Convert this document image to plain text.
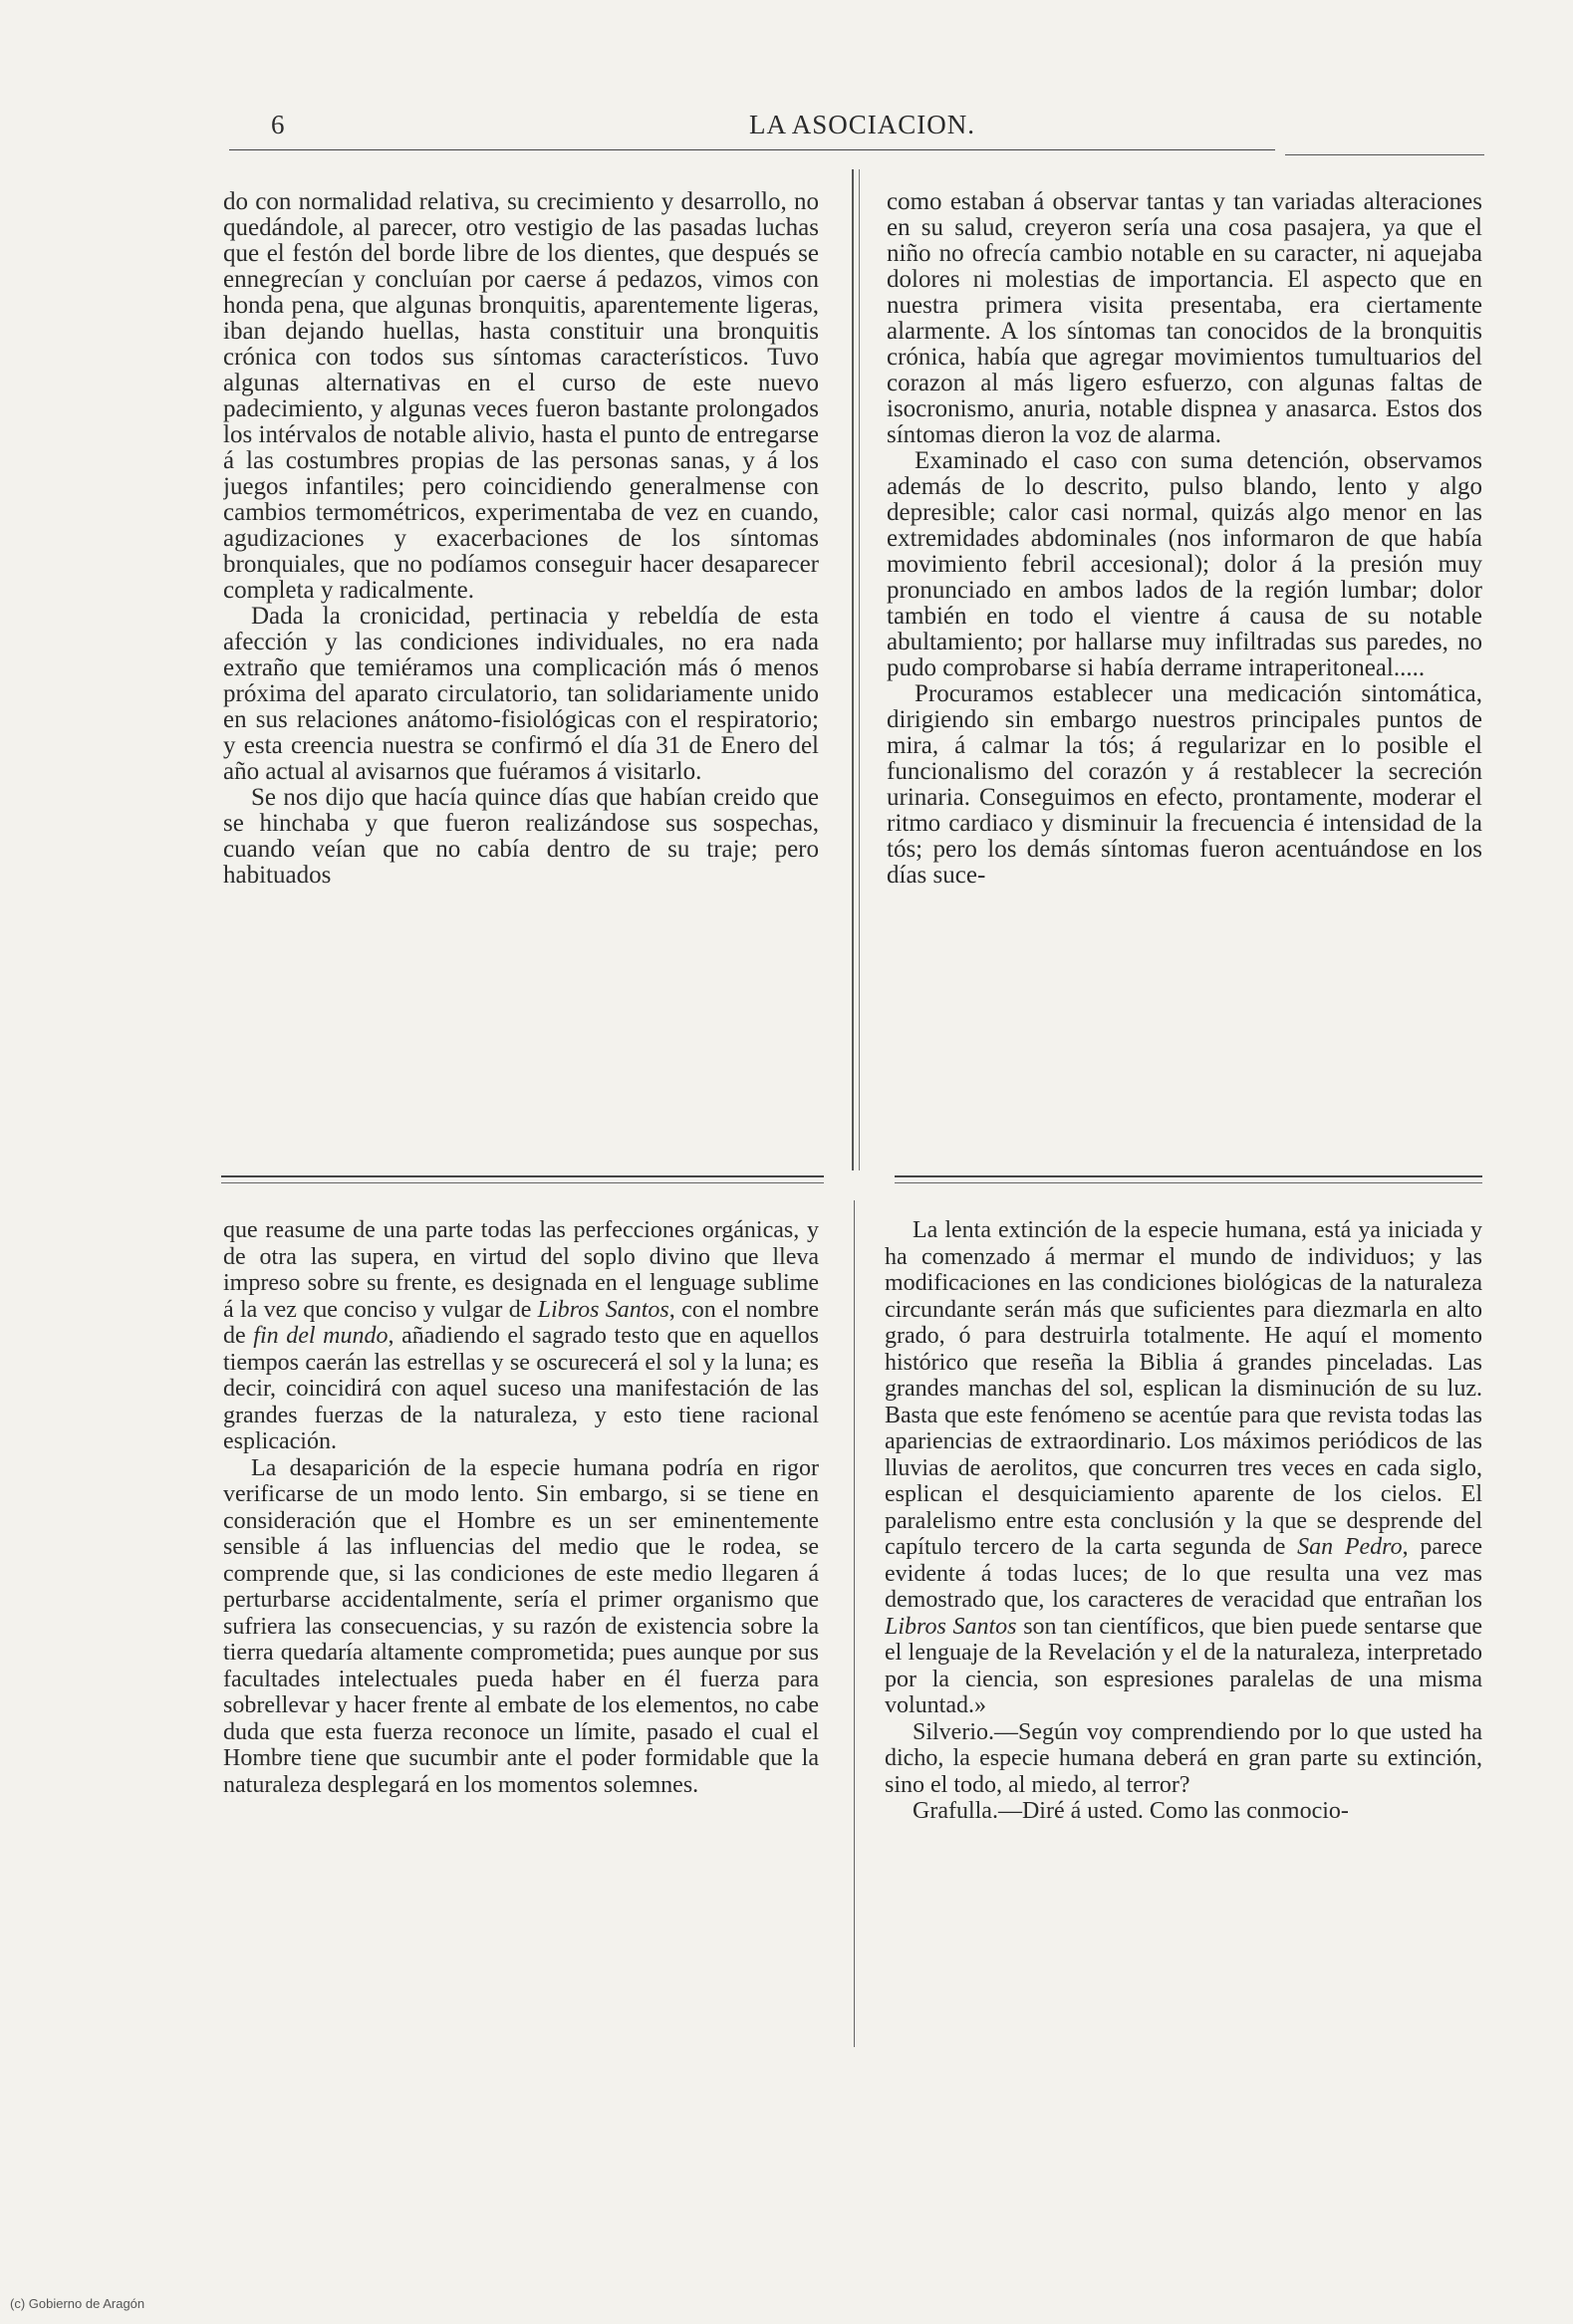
6	LA ASOCIACION.

do con normalidad relativa, su crecimiento y desarrollo, no quedándole, al parecer, otro vestigio de las pasadas luchas que el festón del borde libre de los dientes, que después se ennegrecían y concluían por caerse á pedazos, vimos con honda pena, que algunas bronquitis, aparentemente ligeras, iban dejando huellas, hasta constituir una bronquitis crónica con todos sus síntomas característicos. Tuvo algunas alternativas en el curso de este nuevo padecimiento, y algunas veces fueron bastante prolongados los intérvalos de notable alivio, hasta el punto de entregarse á las costumbres propias de las personas sanas, y á los juegos infantiles; pero coincidiendo generalmense con cambios termométricos, experimentaba de vez en cuando, agudizaciones y exacerbaciones de los síntomas bronquiales, que no podíamos conseguir hacer desaparecer completa y radicalmente.

Dada la cronicidad, pertinacia y rebeldía de esta afección y las condiciones individuales, no era nada extraño que temiéramos una complicación más ó menos próxima del aparato circulatorio, tan solidariamente unido en sus relaciones anátomo-fisiológicas con el respiratorio; y esta creencia nuestra se confirmó el día 31 de Enero del año actual al avisarnos que fuéramos á visitarlo.

Se nos dijo que hacía quince días que habían creido que se hinchaba y que fueron realizándose sus sospechas, cuando veían que no cabía dentro de su traje; pero habituados

como estaban á observar tantas y tan variadas alteraciones en su salud, creyeron sería una cosa pasajera, ya que el niño no ofrecía cambio notable en su caracter, ni aquejaba dolores ni molestias de importancia. El aspecto que en nuestra primera visita presentaba, era ciertamente alarmente. A los síntomas tan conocidos de la bronquitis crónica, había que agregar movimientos tumultuarios del corazon al más ligero esfuerzo, con algunas faltas de isocronismo, anuria, notable dispnea y anasarca. Estos dos síntomas dieron la voz de alarma.

Examinado el caso con suma detención, observamos además de lo descrito, pulso blando, lento y algo depresible; calor casi normal, quizás algo menor en las extremidades abdominales (nos informaron de que había movimiento febril accesional); dolor á la presión muy pronunciado en ambos lados de la región lumbar; dolor también en todo el vientre á causa de su notable abultamiento; por hallarse muy infiltradas sus paredes, no pudo comprobarse si había derrame intraperitoneal.....

Procuramos establecer una medicación sintomática, dirigiendo sin embargo nuestros principales puntos de mira, á calmar la tós; á regularizar en lo posible el funcionalismo del corazón y á restablecer la secreción urinaria. Conseguimos en efecto, prontamente, moderar el ritmo cardiaco y disminuir la frecuencia é intensidad de la tós; pero los demás síntomas fueron acentuándose en los días suce-

que reasume de una parte todas las perfecciones orgánicas, y de otra las supera, en virtud del soplo divino que lleva impreso sobre su frente, es designada en el lenguage sublime á la vez que conciso y vulgar de Libros Santos, con el nombre de fin del mundo, añadiendo el sagrado testo que en aquellos tiempos caerán las estrellas y se oscurecerá el sol y la luna; es decir, coincidirá con aquel suceso una manifestación de las grandes fuerzas de la naturaleza, y esto tiene racional esplicación.

La desaparición de la especie humana podría en rigor verificarse de un modo lento. Sin embargo, si se tiene en consideración que el Hombre es un ser eminentemente sensible á las influencias del medio que le rodea, se comprende que, si las condiciones de este medio llegaren á perturbarse accidentalmente, sería el primer organismo que sufriera las consecuencias, y su razón de existencia sobre la tierra quedaría altamente comprometida; pues aunque por sus facultades intelectuales pueda haber en él fuerza para sobrellevar y hacer frente al embate de los elementos, no cabe duda que esta fuerza reconoce un límite, pasado el cual el Hombre tiene que sucumbir ante el poder formidable que la naturaleza desplegará en los momentos solemnes.

La lenta extinción de la especie humana, está ya iniciada y ha comenzado á mermar el mundo de individuos; y las modificaciones en las condiciones biológicas de la naturaleza circundante serán más que suficientes para diezmarla en alto grado, ó para destruirla totalmente. He aquí el momento histórico que reseña la Biblia á grandes pinceladas. Las grandes manchas del sol, esplican la disminución de su luz. Basta que este fenómeno se acentúe para que revista todas las apariencias de extraordinario. Los máximos periódicos de las lluvias de aerolitos, que concurren tres veces en cada siglo, esplican el desquiciamiento aparente de los cielos. El paralelismo entre esta conclusión y la que se desprende del capítulo tercero de la carta segunda de San Pedro, parece evidente á todas luces; de lo que resulta una vez mas demostrado que, los caracteres de veracidad que entrañan los Libros Santos son tan científicos, que bien puede sentarse que el lenguaje de la Revelación y el de la naturaleza, interpretado por la ciencia, son espresiones paralelas de una misma voluntad.»

Silverio.—Según voy comprendiendo por lo que usted ha dicho, la especie humana deberá en gran parte su extinción, sino el todo, al miedo, al terror?

Grafulla.—Diré á usted. Como las conmocio-

(c) Gobierno de Aragón
